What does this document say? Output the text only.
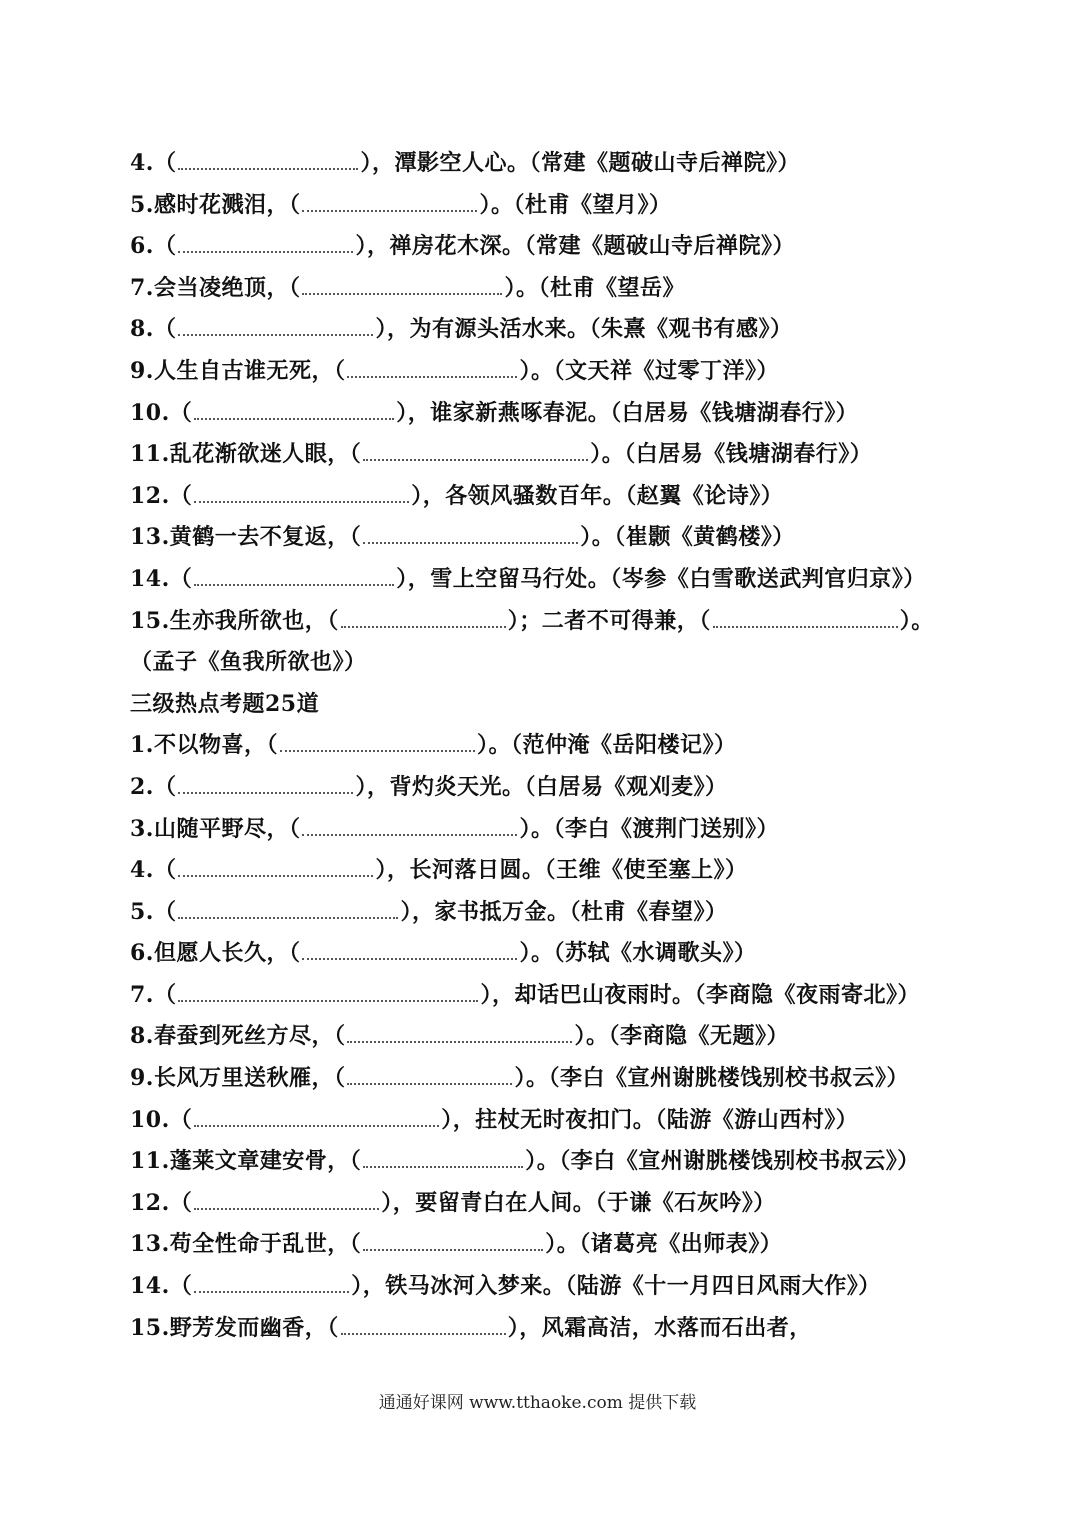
4.（	），潭影空人心。（常建《题破山寺后禅院》）
5.感时花溅泪，（	）。（杜甫《望月》）
6.（	），禅房花木深。（常建《题破山寺后禅院》）
7.会当凌绝顶，（	）。（杜甫《望岳》
8.（	），为有源头活水来。（朱熹《观书有感》）
9.人生自古谁无死，（	）。（文天祥《过零丁洋》）
10.（	），谁家新燕啄春泥。（白居易《钱塘湖春行》）
11.乱花渐欲迷人眼，（	）。（白居易《钱塘湖春行》）
12.（	），各领风骚数百年。（赵翼《论诗》）
13.黄鹤一去不复返，（	）。（崔颢《黄鹤楼》）
14.（	），雪上空留马行处。（岑参《白雪歌送武判官归京》）
15.生亦我所欲也，（	）；二者不可得兼，（	）。
（孟子《鱼我所欲也》）
三级热点考题25道
1.不以物喜，（	）。（范仲淹《岳阳楼记》）
2.（	），背灼炎天光。（白居易《观刈麦》）
3.山随平野尽，（	）。（李白《渡荆门送别》）
4.（	），长河落日圆。（王维《使至塞上》）
5.（	），家书抵万金。（杜甫《春望》）
6.但愿人长久，（	）。（苏轼《水调歌头》）
7.（	），却话巴山夜雨时。（李商隐《夜雨寄北》）
8.春蚕到死丝方尽，（	）。（李商隐《无题》）
9.长风万里送秋雁，（	）。（李白《宣州谢朓楼饯别校书叔云》）
10.（	），拄杖无时夜扣门。（陆游《游山西村》）
11.蓬莱文章建安骨，（	）。（李白《宣州谢朓楼饯别校书叔云》）
12.（	），要留青白在人间。（于谦《石灰吟》）
13.苟全性命于乱世，（	）。（诸葛亮《出师表》）
14.（	），铁马冰河入梦来。（陆游《十一月四日风雨大作》）
15.野芳发而幽香，（	），风霜高洁，水落而石出者，
通通好课网 www.tthaoke.com 提供下载
